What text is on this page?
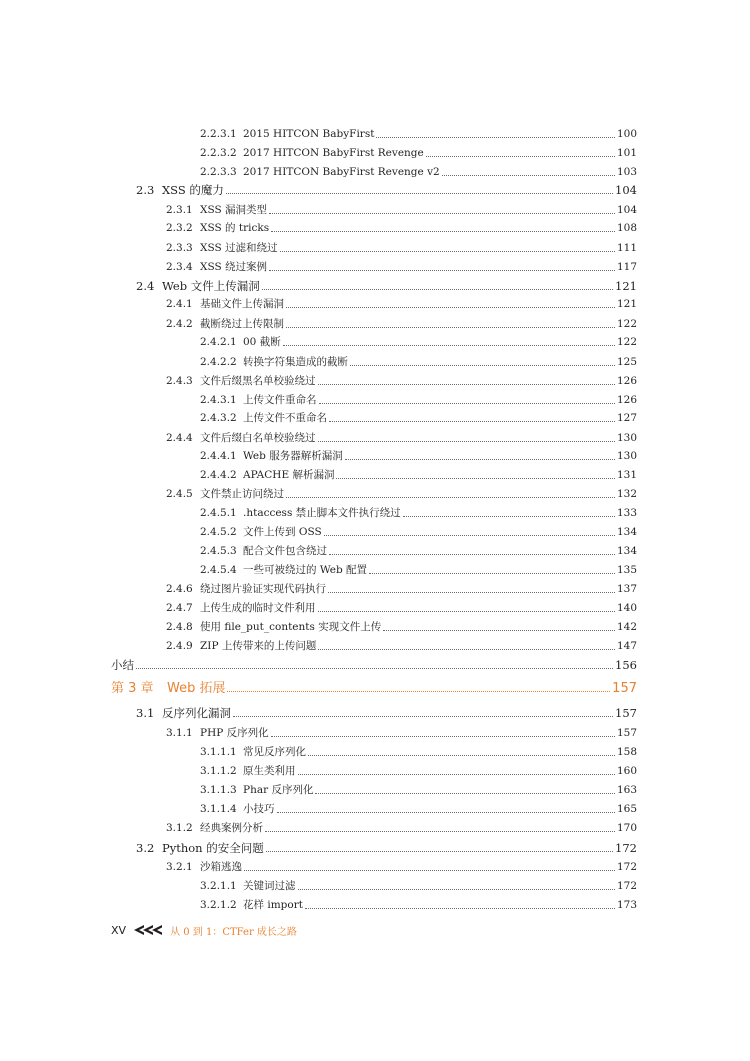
2.2.3.1 2015 HITCON BabyFirst	100
2.2.3.2 2017 HITCON BabyFirst Revenge	101
2.2.3.3 2017 HITCON BabyFirst Revenge v2	103
2.3 XSS 的魔力	104
2.3.1 XSS 漏洞类型	104
2.3.2 XSS 的 tricks	108
2.3.3 XSS 过滤和绕过	111
2.3.4 XSS 绕过案例	117
2.4 Web 文件上传漏洞	121
2.4.1 基础文件上传漏洞	121
2.4.2 截断绕过上传限制	122
2.4.2.1 00 截断	122
2.4.2.2 转换字符集造成的截断	125
2.4.3 文件后缀黑名单校验绕过	126
2.4.3.1 上传文件重命名	126
2.4.3.2 上传文件不重命名	127
2.4.4 文件后缀白名单校验绕过	130
2.4.4.1 Web 服务器解析漏洞	130
2.4.4.2 APACHE 解析漏洞	131
2.4.5 文件禁止访问绕过	132
2.4.5.1 .htaccess 禁止脚本文件执行绕过	133
2.4.5.2 文件上传到 OSS	134
2.4.5.3 配合文件包含绕过	134
2.4.5.4 一些可被绕过的 Web 配置	135
2.4.6 绕过图片验证实现代码执行	137
2.4.7 上传生成的临时文件利用	140
2.4.8 使用 file_put_contents 实现文件上传	142
2.4.9 ZIP 上传带来的上传问题	147
小结	156
第 3 章	Web 拓展	157
3.1 反序列化漏洞	157
3.1.1 PHP 反序列化	157
3.1.1.1 常见反序列化	158
3.1.1.2 原生类利用	160
3.1.1.3 Phar 反序列化	163
3.1.1.4 小技巧	165
3.1.2 经典案例分析	170
3.2 Python 的安全问题	172
3.2.1 沙箱逃逸	172
3.2.1.1 关键词过滤	172
3.2.1.2 花样 import	173
XV	从 0 到 1：CTFer 成长之路
